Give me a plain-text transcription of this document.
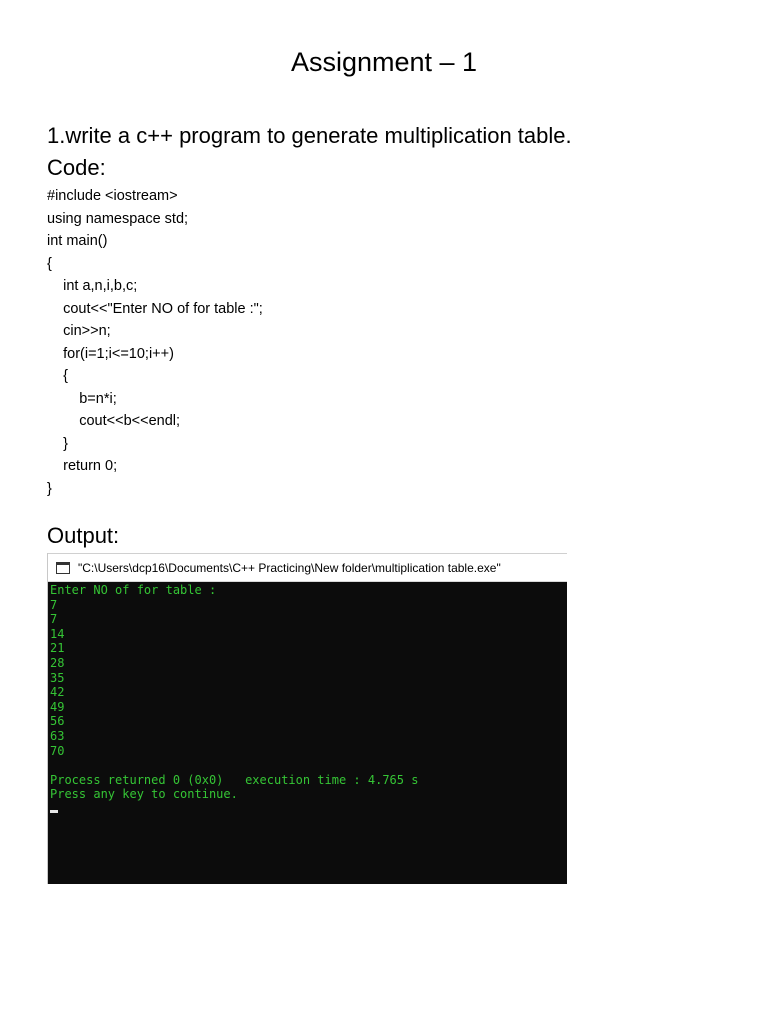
Assignment – 1
1.write a c++ program to generate multiplication table.
Code:
#include <iostream>
using namespace std;
int main()
{
int a,n,i,b,c;
cout<<"Enter NO of for table :";
cin>>n;
for(i=1;i<=10;i++)
{
b=n*i;
cout<<b<<endl;
}
return 0;
}
Output:
"C:\Users\dcp16\Documents\C++ Practicing\New folder\multiplication table.exe"
Enter NO of for table :
7
7
14
21
28
35
42
49
56
63
70
Process returned 0 (0x0)   execution time : 4.765 s
Press any key to continue.
